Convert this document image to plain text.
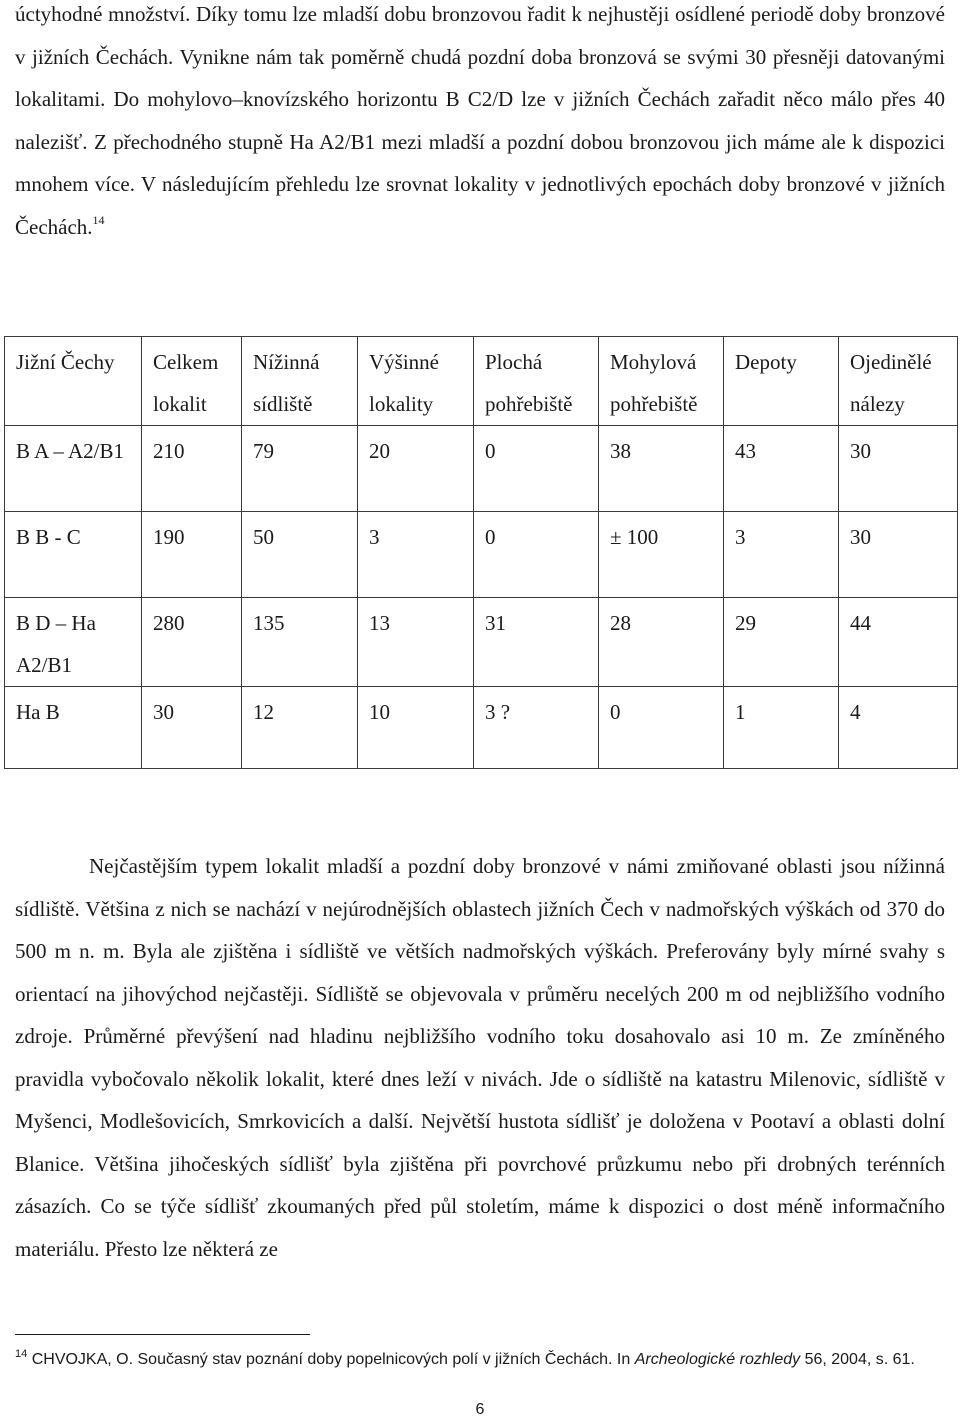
úctyhodné množství. Díky tomu lze mladší dobu bronzovou řadit k nejhustěji osídlené periodě doby bronzové v jižních Čechách. Vynikne nám tak poměrně chudá pozdní doba bronzová se svými 30 přesněji datovanými lokalitami. Do mohylovo–knovízského horizontu B C2/D lze v jižních Čechách zařadit něco málo přes 40 nalezišť. Z přechodného stupně Ha A2/B1 mezi mladší a pozdní dobou bronzovou jich máme ale k dispozici mnohem více. V následujícím přehledu lze srovnat lokality v jednotlivých epochách doby bronzové v jižních Čechách.$^{14}$

Jižní Čechy	Celkem lokalit	Nížinná sídliště	Výšinné lokality	Plochá pohřebiště	Mohylová pohřebiště	Depoty	Ojedinělé nálezy
B A – A2/B1	210	79	20	0	38	43	30
B B - C	190	50	3	0	± 100	3	30
B D – Ha A2/B1	280	135	13	31	28	29	44
Ha B	30	12	10	3 ?	0	1	4

Nejčastějším typem lokalit mladší a pozdní doby bronzové v námi zmiňované oblasti jsou nížinná sídliště. Většina z nich se nachází v nejúrodnějších oblastech jižních Čech v nadmořských výškách od 370 do 500 m n. m. Byla ale zjištěna i sídliště ve větších nadmořských výškách. Preferovány byly mírné svahy s orientací na jihovýchod nejčastěji. Sídliště se objevovala v průměru necelých 200 m od nejbližšího vodního zdroje. Průměrné převýšení nad hladinu nejbližšího vodního toku dosahovalo asi 10 m. Ze zmíněného pravidla vybočovalo několik lokalit, které dnes leží v nivách. Jde o sídliště na katastru Milenovic, sídliště v Myšenci, Modlešovicích, Smrkovicích a další. Největší hustota sídlišť je doložena v Pootaví a oblasti dolní Blanice. Většina jihočeských sídlišť byla zjištěna při povrchové průzkumu nebo při drobných terénních zásazích. Co se týče sídlišť zkoumaných před půl stoletím, máme k dispozici o dost méně informačního materiálu. Přesto lze některá ze

$^{14}$ CHVOJKA, O. Současný stav poznání doby popelnicových polí v jižních Čechách. In Archeologické rozhledy 56, 2004, s. 61.

6
